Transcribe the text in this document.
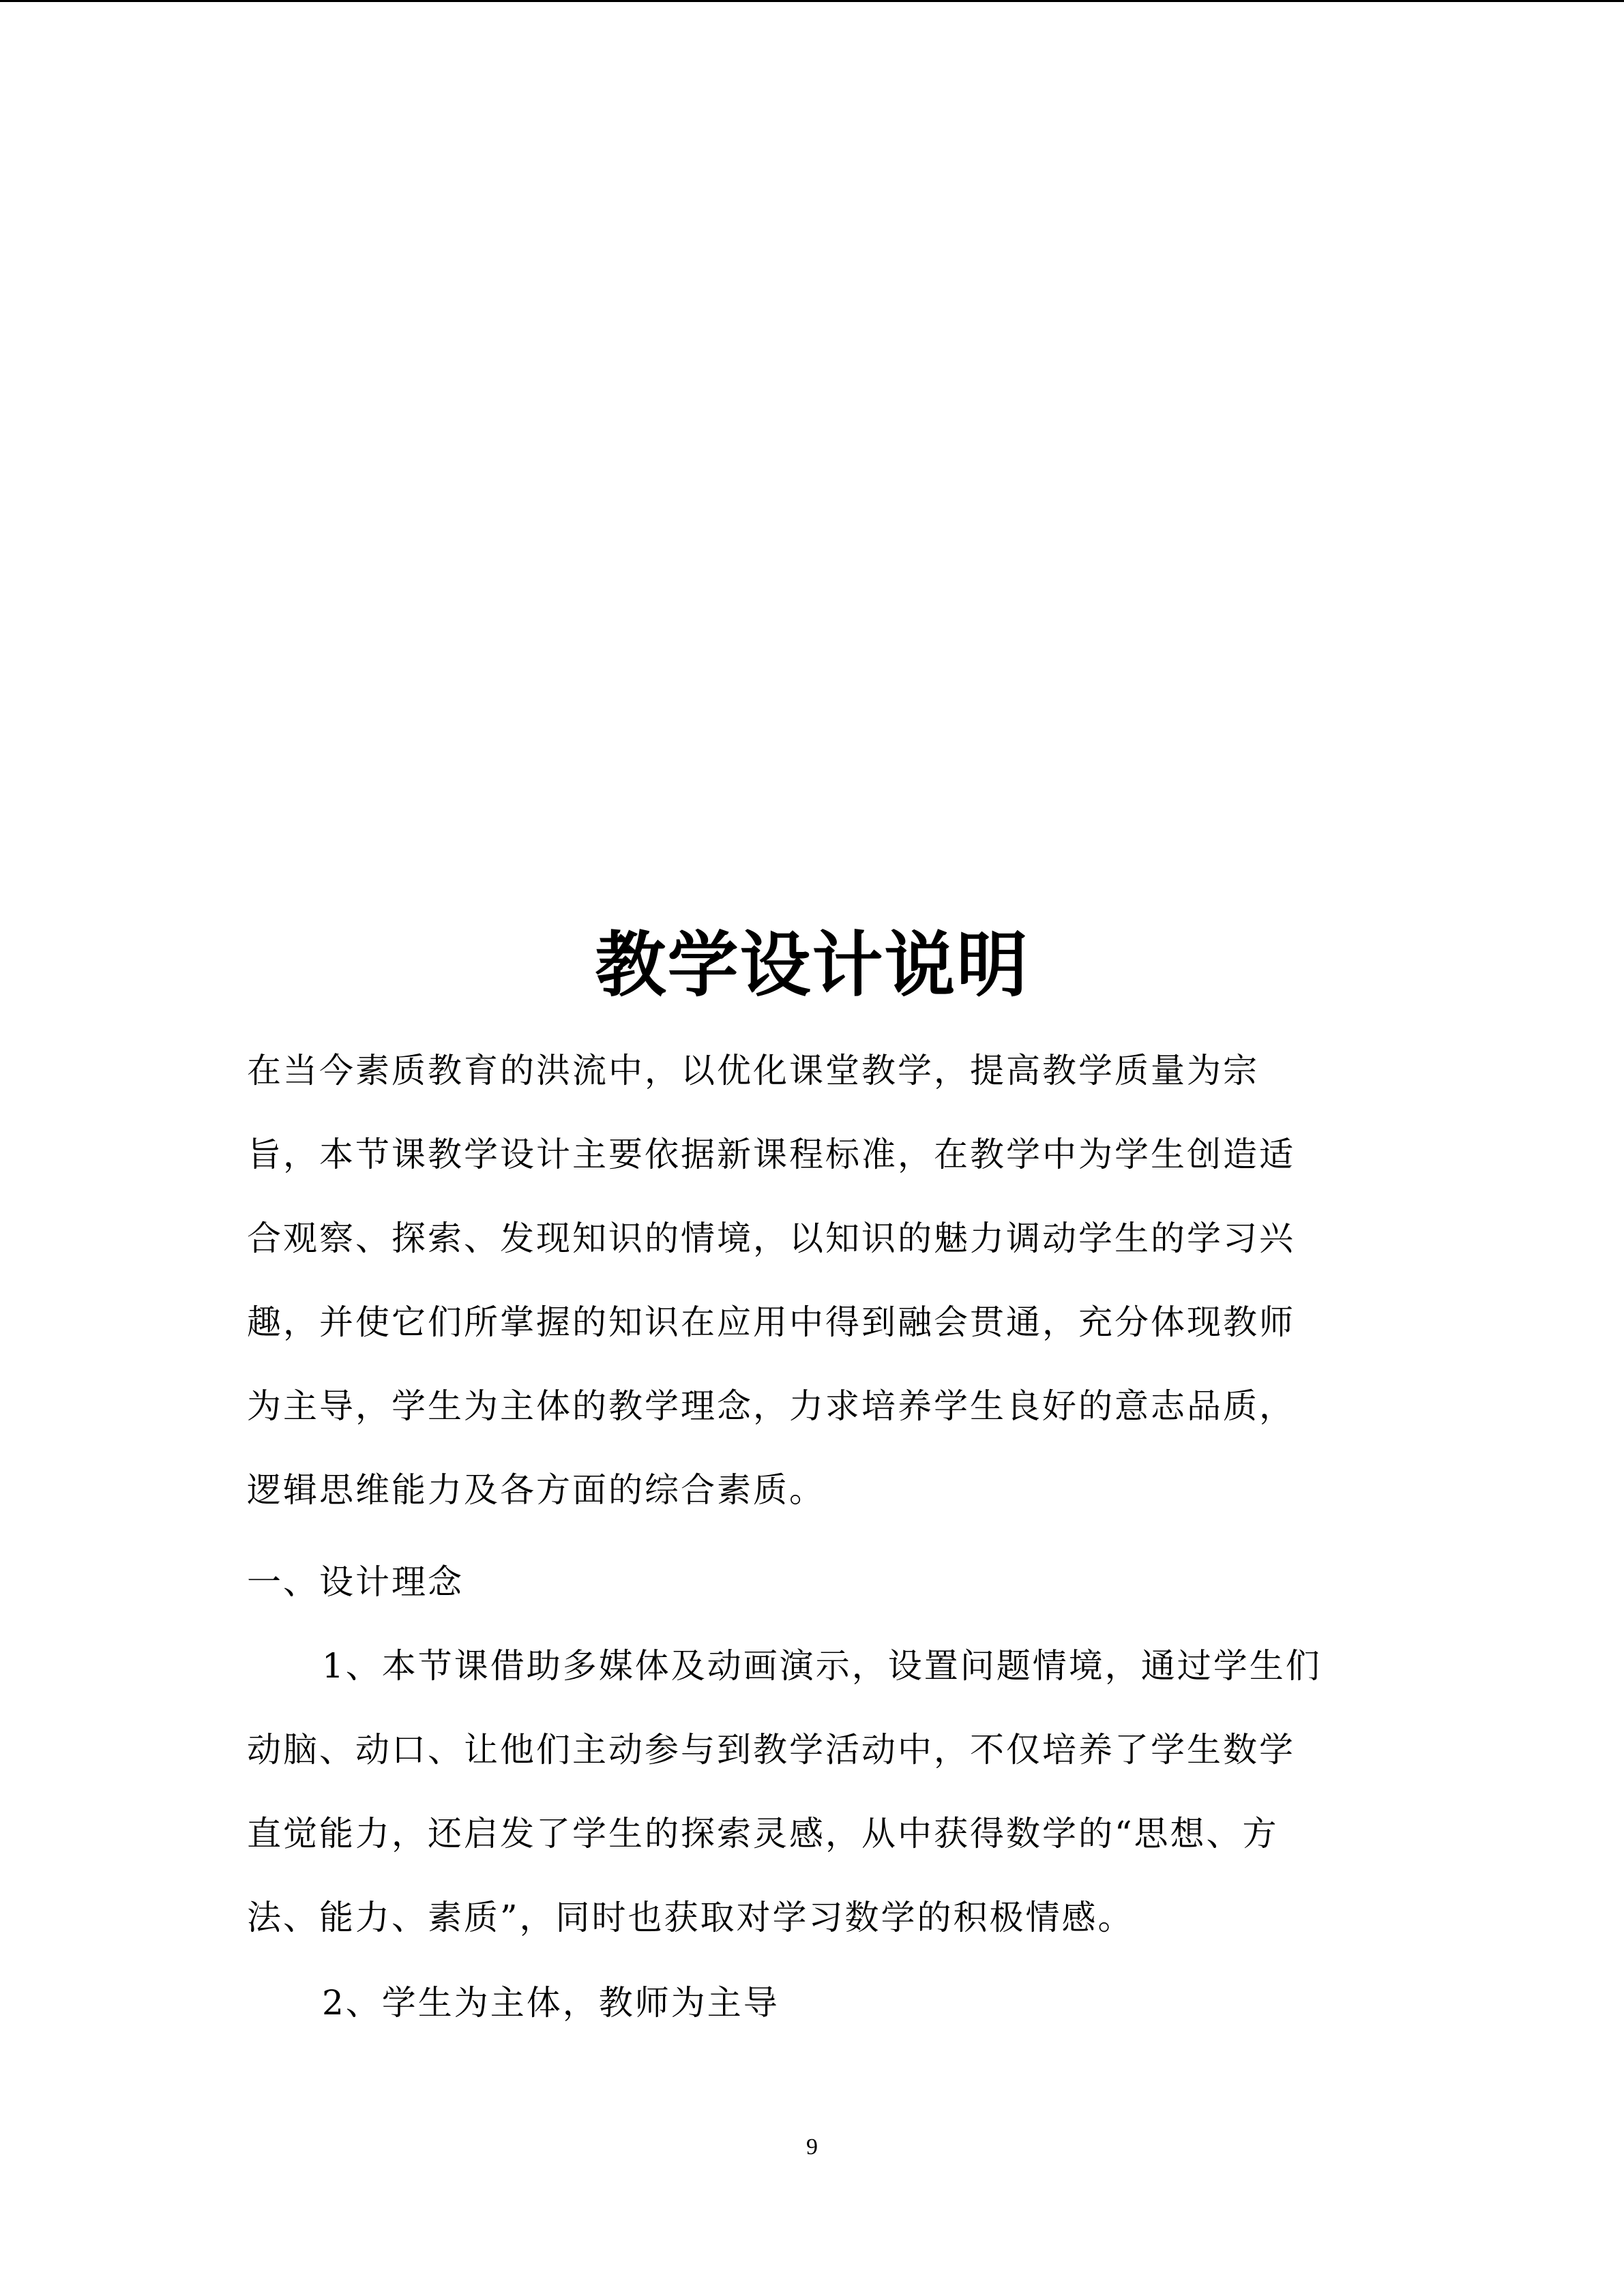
教学设计说明

在当今素质教育的洪流中，以优化课堂教学，提高教学质量为宗

旨，本节课教学设计主要依据新课程标准，在教学中为学生创造适

合观察、探索、发现知识的情境，以知识的魅力调动学生的学习兴

趣，并使它们所掌握的知识在应用中得到融会贯通，充分体现教师

为主导，学生为主体的教学理念，力求培养学生良好的意志品质，

逻辑思维能力及各方面的综合素质。

一、设计理念

1、本节课借助多媒体及动画演示，设置问题情境，通过学生们

动脑、动口、让他们主动参与到教学活动中，不仅培养了学生数学

直觉能力，还启发了学生的探索灵感，从中获得数学的“思想、方

法、能力、素质”，同时也获取对学习数学的积极情感。

2、学生为主体，教师为主导

9
